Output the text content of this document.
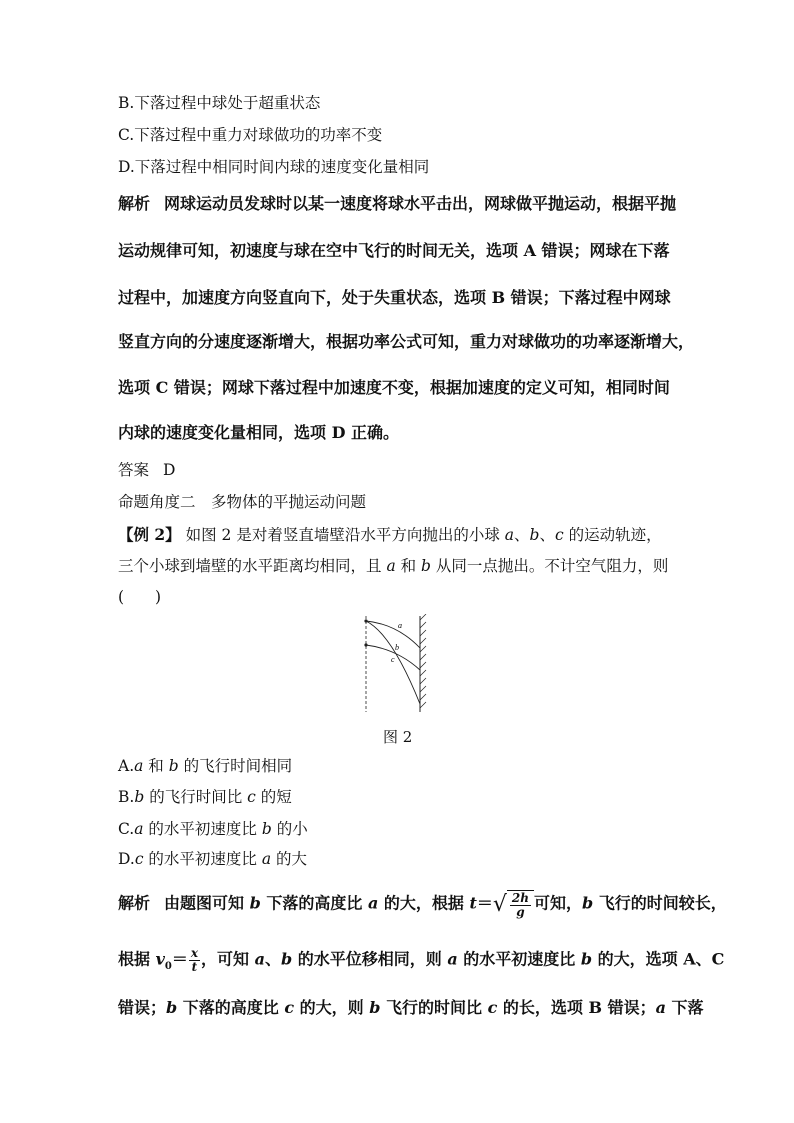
B.下落过程中球处于超重状态
C.下落过程中重力对球做功的功率不变
D.下落过程中相同时间内球的速度变化量相同
解析 网球运动员发球时以某一速度将球水平击出，网球做平抛运动，根据平抛
运动规律可知，初速度与球在空中飞行的时间无关，选项 A 错误；网球在下落
过程中，加速度方向竖直向下，处于失重状态，选项 B 错误；下落过程中网球
竖直方向的分速度逐渐增大，根据功率公式可知，重力对球做功的功率逐渐增大，
选项 C 错误；网球下落过程中加速度不变，根据加速度的定义可知，相同时间
内球的速度变化量相同，选项 D 正确。
答案 D
命题角度二　多物体的平抛运动问题
【例 2】 如图 2 是对着竖直墙壁沿水平方向抛出的小球 a、b、c 的运动轨迹，
三个小球到墙壁的水平距离均相同，且 a 和 b 从同一点抛出。不计空气阻力，则
(　　)
a
b
c
图 2
A.a 和 b 的飞行时间相同
B.b 的飞行时间比 c 的短
C.a 的水平初速度比 b 的小
D.c 的水平初速度比 a 的大
解析 由题图可知 b 下落的高度比 a 的大，根据 $t=√ \frac{2h}{g}$ 可知，b 飞行的时间较长，
根据 $v_0= \frac{x}{t}$ ，可知 a、b 的水平位移相同，则 a 的水平初速度比 b 的大，选项 A、C
错误；b 下落的高度比 c 的大，则 b 飞行的时间比 c 的长，选项 B 错误；a 下落
